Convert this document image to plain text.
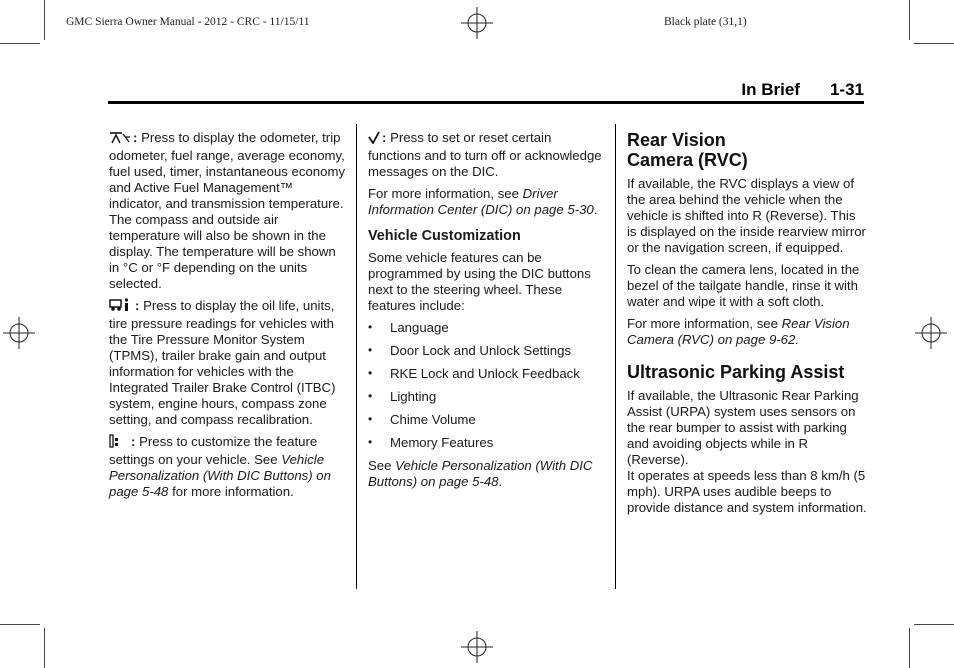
GMC Sierra Owner Manual - 2012 - CRC - 11/15/11	Black plate (31,1)
In Brief 1-31

: Press to display the odometer, trip odometer, fuel range, average economy, fuel used, timer, instantaneous economy and Active Fuel Management™ indicator, and transmission temperature. The compass and outside air temperature will also be shown in the display. The temperature will be shown in °C or °F depending on the units selected.

: Press to display the oil life, units, tire pressure readings for vehicles with the Tire Pressure Monitor System (TPMS), trailer brake gain and output information for vehicles with the Integrated Trailer Brake Control (ITBC) system, engine hours, compass zone setting, and compass recalibration.

: Press to customize the feature settings on your vehicle. See Vehicle Personalization (With DIC Buttons) on page 5-48 for more information.

: Press to set or reset certain functions and to turn off or acknowledge messages on the DIC.

For more information, see Driver Information Center (DIC) on page 5-30.

Vehicle Customization

Some vehicle features can be programmed by using the DIC buttons next to the steering wheel. These features include:

• Language
• Door Lock and Unlock Settings
• RKE Lock and Unlock Feedback
• Lighting
• Chime Volume
• Memory Features

See Vehicle Personalization (With DIC Buttons) on page 5-48.

Rear Vision Camera (RVC)

If available, the RVC displays a view of the area behind the vehicle when the vehicle is shifted into R (Reverse). This is displayed on the inside rearview mirror or the navigation screen, if equipped.

To clean the camera lens, located in the bezel of the tailgate handle, rinse it with water and wipe it with a soft cloth.

For more information, see Rear Vision Camera (RVC) on page 9-62.

Ultrasonic Parking Assist

If available, the Ultrasonic Rear Parking Assist (URPA) system uses sensors on the rear bumper to assist with parking and avoiding objects while in R (Reverse).

It operates at speeds less than 8 km/h (5 mph). URPA uses audible beeps to provide distance and system information.
